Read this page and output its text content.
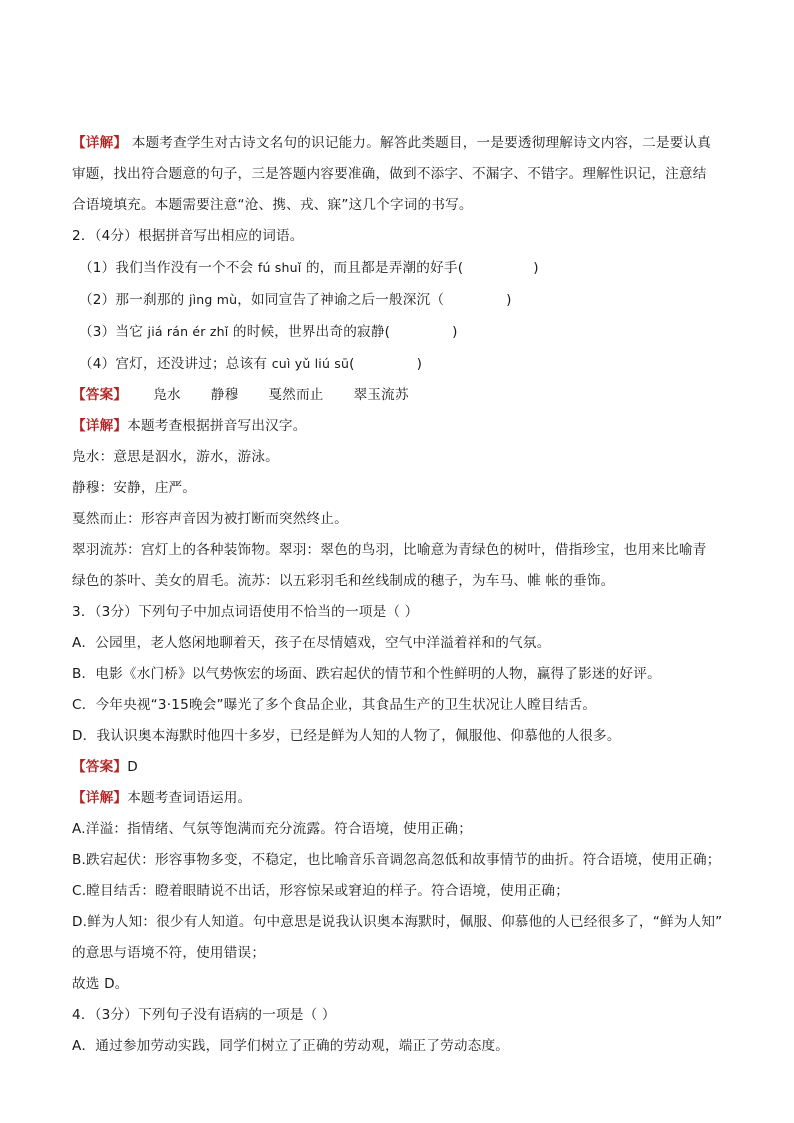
【详解】 本题考查学生对古诗文名句的识记能力。解答此类题目，一是要透彻理解诗文内容，二是要认真
审题，找出符合题意的句子，三是答题内容要准确，做到不添字、不漏字、不错字。理解性识记，注意结
合语境填充。本题需要注意“沧、携、戎、寐”这几个字词的书写。
2．（4分）根据拼音写出相应的词语。
（1）我们当作没有一个不会 fú shuǐ 的，而且都是弄潮的好手(	)
（2）那一刹那的 jìng mù，如同宣告了神谕之后一般深沉（	)
（3）当它 jiá rán ér zhǐ 的时候，世界出奇的寂静(	)
（4）宫灯，还没讲过；总该有 cuì yǔ liú sū(	)
【答案】 凫水 静穆 戛然而止 翠玉流苏
【详解】本题考查根据拼音写出汉字。
凫水：意思是泅水，游水，游泳。
静穆：安静，庄严。
戛然而止：形容声音因为被打断而突然终止。
翠羽流苏：宫灯上的各种装饰物。翠羽：翠色的鸟羽，比喻意为青绿色的树叶，借指珍宝，也用来比喻青
绿色的茶叶、美女的眉毛。流苏：以五彩羽毛和丝线制成的穗子，为车马、帷 帐的垂饰。
3．（3分）下列句子中加点词语使用不恰当的一项是（ ）
A．公园里，老人悠闲地聊着天，孩子在尽情嬉戏，空气中洋溢着祥和的气氛。
B．电影《水门桥》以气势恢宏的场面、跌宕起伏的情节和个性鲜明的人物，赢得了影迷的好评。
C．今年央视“3·15晚会”曝光了多个食品企业，其食品生产的卫生状况让人瞠目结舌。
D．我认识奥本海默时他四十多岁，已经是鲜为人知的人物了，佩服他、仰慕他的人很多。
【答案】D
【详解】本题考查词语运用。
A.洋溢：指情绪、气氛等饱满而充分流露。符合语境，使用正确；
B.跌宕起伏：形容事物多变，不稳定，也比喻音乐音调忽高忽低和故事情节的曲折。符合语境，使用正确；
C.瞠目结舌：瞪着眼睛说不出话，形容惊呆或窘迫的样子。符合语境，使用正确；
D.鲜为人知：很少有人知道。句中意思是说我认识奥本海默时，佩服、仰慕他的人已经很多了，“鲜为人知”
的意思与语境不符，使用错误；
故选 D。
4．（3分）下列句子没有语病的一项是（ ）
A．通过参加劳动实践，同学们树立了正确的劳动观，端正了劳动态度。
